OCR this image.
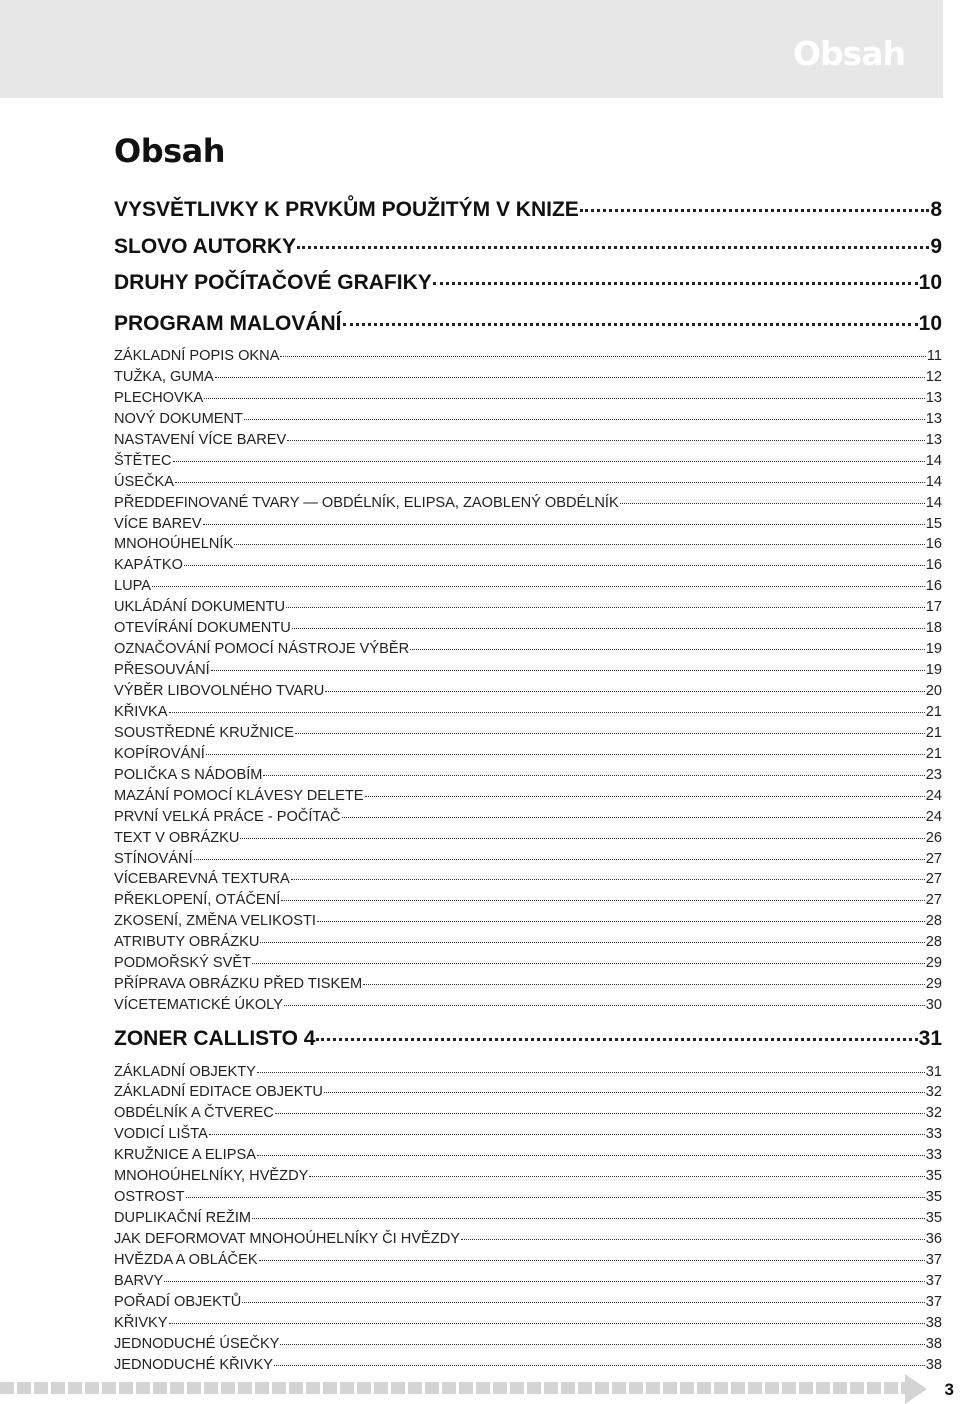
Obsah
Obsah
VYSVĚTLIVKY K PRVKŮM POUŽITÝM V KNIZE	8
SLOVO AUTORKY	9
DRUHY POČÍTAČOVÉ GRAFIKY	10
PROGRAM MALOVÁNÍ	10
ZÁKLADNÍ POPIS OKNA	11
TUŽKA, GUMA	12
PLECHOVKA	13
NOVÝ DOKUMENT	13
NASTAVENÍ VÍCE BAREV	13
ŠTĚTEC	14
ÚSEČKA	14
PŘEDDEFINOVANÉ TVARY — OBDÉLNÍK, ELIPSA, ZAOBLENÝ OBDÉLNÍK	14
VÍCE BAREV	15
MNOHOÚHELNÍK	16
KAPÁTKO	16
LUPA	16
UKLÁDÁNÍ DOKUMENTU	17
OTEVÍRÁNÍ DOKUMENTU	18
OZNAČOVÁNÍ POMOCÍ NÁSTROJE VÝBĚR	19
PŘESOUVÁNÍ	19
VÝBĚR LIBOVOLNÉHO TVARU	20
KŘIVKA	21
SOUSTŘEDNÉ KRUŽNICE	21
KOPÍROVÁNÍ	21
POLIČKA S NÁDOBÍM	23
MAZÁNÍ POMOCÍ KLÁVESY DELETE	24
PRVNÍ VELKÁ PRÁCE - POČÍTAČ	24
TEXT V OBRÁZKU	26
STÍNOVÁNÍ	27
VÍCEBAREVNÁ TEXTURA	27
PŘEKLOPENÍ, OTÁČENÍ	27
ZKOSENÍ, ZMĚNA VELIKOSTI	28
ATRIBUTY OBRÁZKU	28
PODMOŘSKÝ SVĚT	29
PŘÍPRAVA OBRÁZKU PŘED TISKEM	29
VÍCETEMATICKÉ ÚKOLY	30
ZONER CALLISTO 4	31
ZÁKLADNÍ OBJEKTY	31
ZÁKLADNÍ EDITACE OBJEKTU	32
OBDÉLNÍK A ČTVEREC	32
VODICÍ LIŠTA	33
KRUŽNICE A ELIPSA	33
MNOHOÚHELNÍKY, HVĚZDY	35
OSTROST	35
DUPLIKAČNÍ REŽIM	35
JAK DEFORMOVAT MNOHOÚHELNÍKY ČI HVĚZDY	36
HVĚZDA A OBLÁČEK	37
BARVY	37
POŘADÍ OBJEKTŮ	37
KŘIVKY	38
JEDNODUCHÉ ÚSEČKY	38
JEDNODUCHÉ KŘIVKY	38
3
